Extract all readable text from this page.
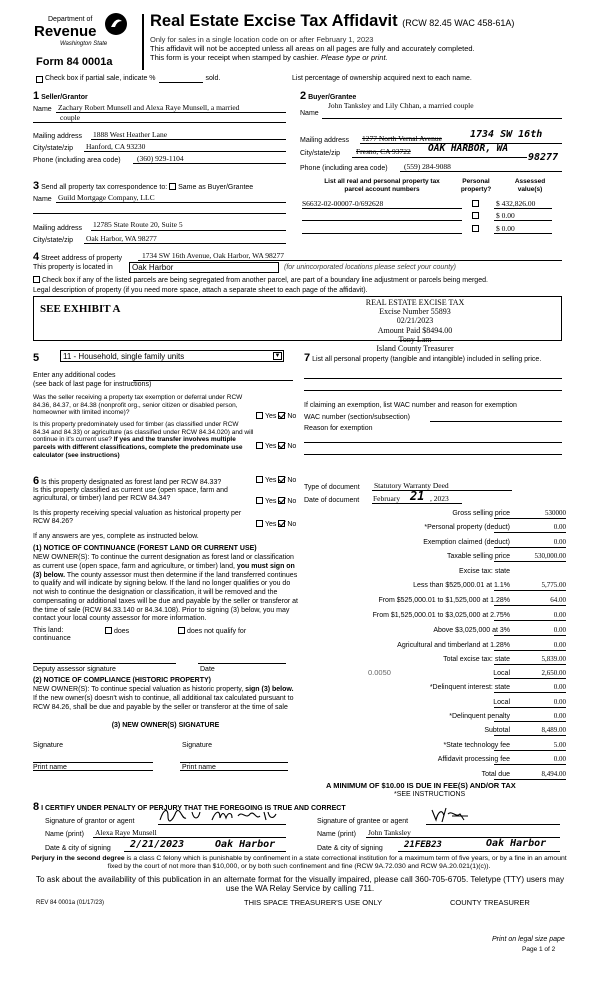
Department of
Revenue
Washington State
Form 84 0001a
Real Estate Excise Tax Affidavit (RCW 82.45 WAC 458-61A)
Only for sales in a single location code on or after February 1, 2023
This affidavit will not be accepted unless all areas on all pages are fully and accurately completed.
This form is your receipt when stamped by cashier. Please type or print.
Check box if partial sale, indicate %	sold.	List percentage of ownership acquired next to each name.
1 Seller/Grantor
Name Zachary Robert Munsell and Alexa Raye Munsell, a married
couple
Mailing address 1888 West Heather Lane
City/state/zip Hanford, CA 93230
Phone (including area code) (360) 929-1104
2 Buyer/Grantee
John Tanksley and Lily Chhan, a married couple
Name
Mailing address 1277 North Vernal Avenue	1734 SW 16th
City/state/zip Fresno, CA 93722 OAK HARBOR, WA
98277
Phone (including area code) (559) 284-9088
3 Send all property tax correspondence to: Same as Buyer/Grantee
Name Guild Mortgage Company, LLC
Mailing address 12785 State Route 20, Suite 5
City/state/zip Oak Harbor, WA 98277
List all real and personal property tax
parcel account numbers
Personal
property?
Assessed
value(s)
S6632-02-00007-0/692628	$ 432,826.00
$ 0.00
$ 0.00
4 Street address of property	1734 SW 16th Avenue, Oak Harbor, WA 98277
This property is located in	Oak Harbor	(for unincorporated locations please select your county)
Check box if any of the listed parcels are being segregated from another parcel, are part of a boundary line adjustment or parcels being merged.
Legal description of property (if you need more space, attach a separate sheet to each page of the affidavit).
SEE EXHIBIT A
REAL ESTATE EXCISE TAX
Excise Number 55893
02/21/2023
Amount Paid $8494.00
Tony Lam
Island County Treasurer
5	11 - Household, single family units	▼
Enter any additional codes
(see back of last page for instructions)
Was the seller receiving a property tax exemption or deferral under RCW 84.36, 84.37, or 84.38 (nonprofit org., senior citizen or disabled person, homeowner with limited income)?
Yes No
Is this property predominately used for timber (as classified under RCW 84.34 and 84.33) or agriculture (as classified under RCW 84.34.020) and will continue in it's current use? If yes and the transfer involves multiple parcels with different classifications, complete the predominate use calculator (see instructions)
Yes No
7 List all personal property (tangible and intangible) included in selling price.
If claiming an exemption, list WAC number and reason for exemption
WAC number (section/subsection)
Reason for exemption
6 Is this property designated as forest land per RCW 84.33?	Yes No
Is this property classified as current use (open space, farm and agricultural, or timber) land per RCW 84.34?	Yes No
Is this property receiving special valuation as historical property per RCW 84.26?	Yes No
If any answers are yes, complete as instructed below.
(1) NOTICE OF CONTINUANCE (FOREST LAND OR CURRENT USE)
NEW OWNER(S): To continue the current designation as forest land or classification as current use (open space, farm and agriculture, or timber) land, you must sign on (3) below. The county assessor must then determine if the land transferred continues to qualify and will indicate by signing below. If the land no longer qualifies or you do not wish to continue the designation or classification, it will be removed and the compensating or additional taxes will be due and payable by the seller or transferor at the time of sale (RCW 84.33.140 or 84.34.108). Prior to signing (3) below, you may contact your local county assessor for more information.
This land:	does	does not qualify for
continuance
Deputy assessor signature	Date
(2) NOTICE OF COMPLIANCE (HISTORIC PROPERTY)
NEW OWNER(S): To continue special valuation as historic property, sign (3) below. If the new owner(s) doesn't wish to continue, all additional tax calculated pursuant to RCW 84.26, shall be due and payable by the seller or transferor at the time of sale
(3) NEW OWNER(S) SIGNATURE
Signature	Signature
Print name	Print name
Type of document Statutory Warranty Deed
Date of document February 21 , 2023
Gross selling price	530000
*Personal property (deduct)	0.00
Exemption claimed (deduct)	0.00
Taxable selling price	530,000.00
Excise tax: state
Less than $525,000.01 at 1.1%	5,775.00
From $525,000.01 to $1,525,000 at 1.28%	64.00
From $1,525,000.01 to $3,025,000 at 2.75%	0.00
Above $3,025,000 at 3%	0.00
Agricultural and timberland at 1.28%	0.00
Total excise tax: state	5,839.00
0.0050	Local	2,650.00
*Delinquent interest: state	0.00
Local	0.00
*Delinquent penalty	0.00
Subtotal	8,489.00
*State technology fee	5.00
Affidavit processing fee	0.00
Total due	8,494.00
A MINIMUM OF $10.00 IS DUE IN FEE(S) AND/OR TAX
*SEE INSTRUCTIONS
8 I CERTIFY UNDER PENALTY OF PERJURY THAT THE FOREGOING IS TRUE AND CORRECT
Signature of grantor or agent
Name (print) Alexa Raye Munsell
Date & city of signing 2/21/2023	Oak Harbor
Signature of grantee or agent
Name (print) John Tanksley
Date & city of signing 21FEB23	Oak Harbor
Perjury in the second degree is a class C felony which is punishable by confinement in a state correctional institution for a maximum term of five years, or by a fine in an amount fixed by the court of not more than $10,000, or by both such confinement and fine (RCW 9A.72.030 and RCW 9A.20.021(1)(c)).
To ask about the availability of this publication in an alternate format for the visually impaired, please call 360-705-6705. Teletype (TTY) users may use the WA Relay Service by calling 711.
REV 84 0001a (01/17/23)	THIS SPACE TREASURER'S USE ONLY	COUNTY TREASURER
Print on legal size pape
Page 1 of 2
